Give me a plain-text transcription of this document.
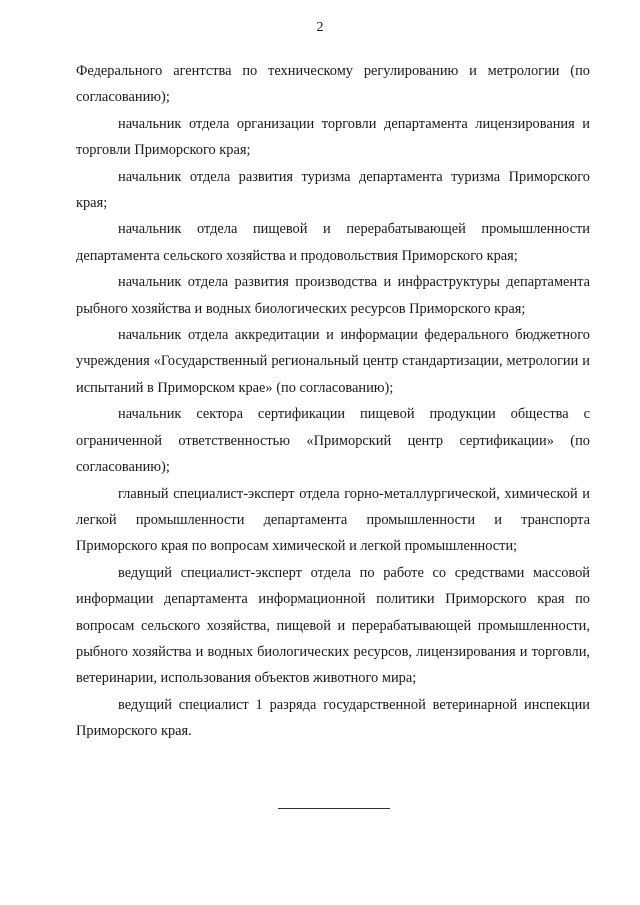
2

Федерального агентства по техническому регулированию и метрологии (по согласованию);

начальник отдела организации торговли департамента лицензирования и торговли Приморского края;

начальник отдела развития туризма департамента туризма Приморского края;

начальник отдела пищевой и перерабатывающей промышленности департамента сельского хозяйства и продовольствия Приморского края;

начальник отдела развития производства и инфраструктуры департамента рыбного хозяйства и водных биологических ресурсов Приморского края;

начальник отдела аккредитации и информации федерального бюджетного учреждения «Государственный региональный центр стандартизации, метрологии и испытаний в Приморском крае» (по согласованию);

начальник сектора сертификации пищевой продукции общества с ограниченной ответственностью «Приморский центр сертификации» (по согласованию);

главный специалист-эксперт отдела горно-металлургической, химической и легкой промышленности департамента промышленности и транспорта Приморского края по вопросам химической и легкой промышленности;

ведущий специалист-эксперт отдела по работе со средствами массовой информации департамента информационной политики Приморского края по вопросам сельского хозяйства, пищевой и перерабатывающей промышленности, рыбного хозяйства и водных биологических ресурсов, лицензирования и торговли, ветеринарии, использования объектов животного мира;

ведущий специалист 1 разряда государственной ветеринарной инспекции Приморского края.
